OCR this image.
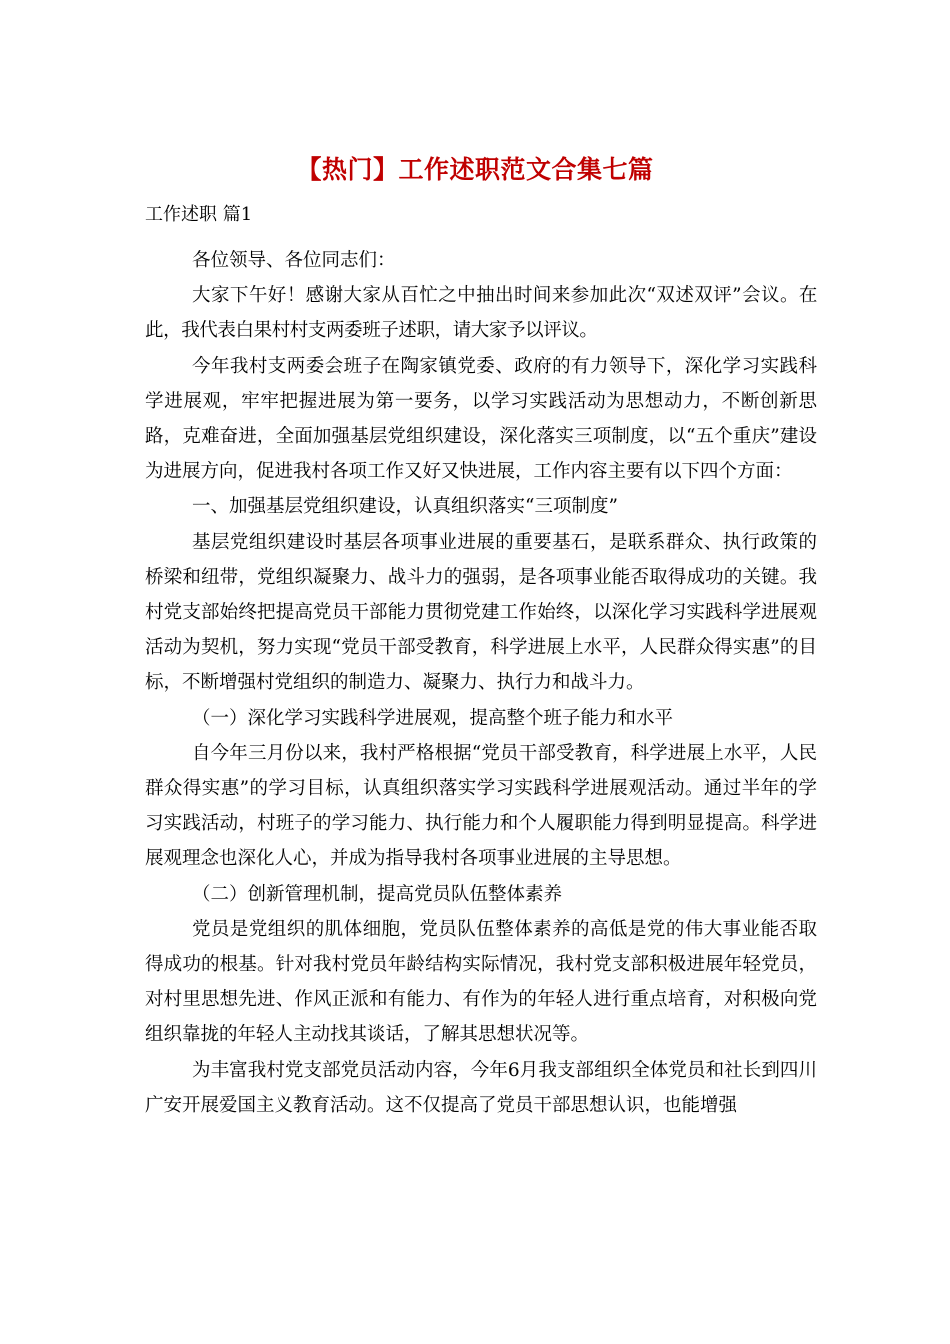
【热门】工作述职范文合集七篇
工作述职 篇1

各位领导、各位同志们：

大家下午好！感谢大家从百忙之中抽出时间来参加此次“双述双评”会议。在此，我代表白果村村支两委班子述职，请大家予以评议。

今年我村支两委会班子在陶家镇党委、政府的有力领导下，深化学习实践科学进展观，牢牢把握进展为第一要务，以学习实践活动为思想动力，不断创新思路，克难奋进，全面加强基层党组织建设，深化落实三项制度，以“五个重庆”建设为进展方向，促进我村各项工作又好又快进展，工作内容主要有以下四个方面：

一、加强基层党组织建设，认真组织落实“三项制度”

基层党组织建设时基层各项事业进展的重要基石，是联系群众、执行政策的桥梁和纽带，党组织凝聚力、战斗力的强弱，是各项事业能否取得成功的关键。我村党支部始终把提高党员干部能力贯彻党建工作始终，以深化学习实践科学进展观活动为契机，努力实现“党员干部受教育，科学进展上水平，人民群众得实惠”的目标，不断增强村党组织的制造力、凝聚力、执行力和战斗力。

（一）深化学习实践科学进展观，提高整个班子能力和水平

自今年三月份以来，我村严格根据“党员干部受教育，科学进展上水平，人民群众得实惠”的学习目标，认真组织落实学习实践科学进展观活动。通过半年的学习实践活动，村班子的学习能力、执行能力和个人履职能力得到明显提高。科学进展观理念也深化人心，并成为指导我村各项事业进展的主导思想。

（二）创新管理机制，提高党员队伍整体素养

党员是党组织的肌体细胞，党员队伍整体素养的高低是党的伟大事业能否取得成功的根基。针对我村党员年龄结构实际情况，我村党支部积极进展年轻党员，对村里思想先进、作风正派和有能力、有作为的年轻人进行重点培育，对积极向党组织靠拢的年轻人主动找其谈话，了解其思想状况等。

为丰富我村党支部党员活动内容，今年6月我支部组织全体党员和社长到四川广安开展爱国主义教育活动。这不仅提高了党员干部思想认识，也能增强
